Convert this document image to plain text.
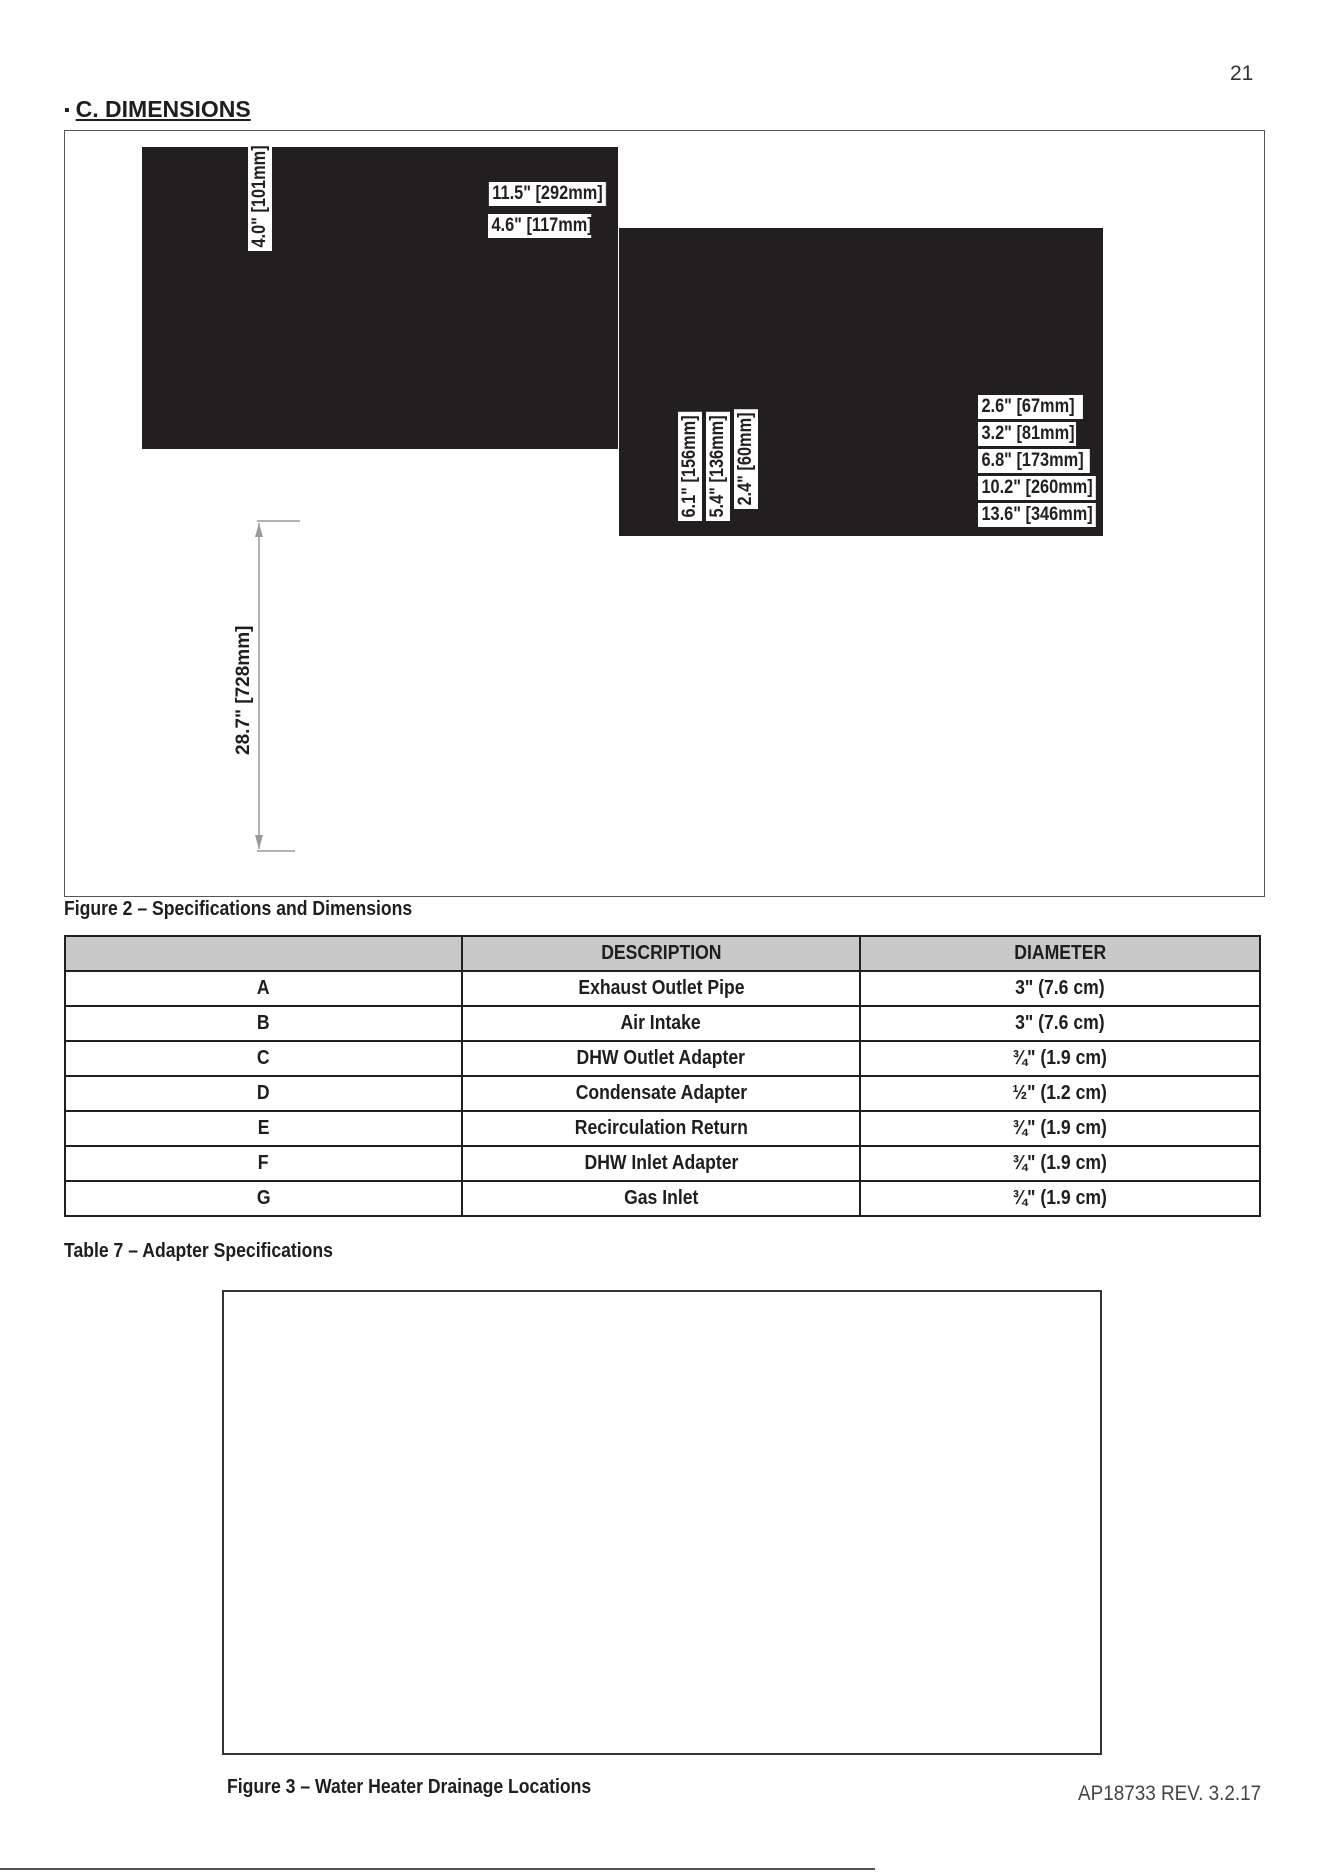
21
▪ C. DIMENSIONS
4.0" [101mm]	11.5" [292mm]
4.6" [117mm]
6.1" [156mm] 5.4" [136mm] 2.4" [60mm]
2.6" [67mm]
3.2" [81mm]
6.8" [173mm]
10.2" [260mm]
13.6" [346mm]
28.7" [728mm]
Figure 2 – Specifications and Dimensions
	DESCRIPTION	DIAMETER
A	Exhaust Outlet Pipe	3" (7.6 cm)
B	Air Intake	3" (7.6 cm)
C	DHW Outlet Adapter	¾" (1.9 cm)
D	Condensate Adapter	½" (1.2 cm)
E	Recirculation Return	¾" (1.9 cm)
F	DHW Inlet Adapter	¾" (1.9 cm)
G	Gas Inlet	¾" (1.9 cm)
Table 7 – Adapter Specifications
Figure 3 – Water Heater Drainage Locations	AP18733 REV. 3.2.17
